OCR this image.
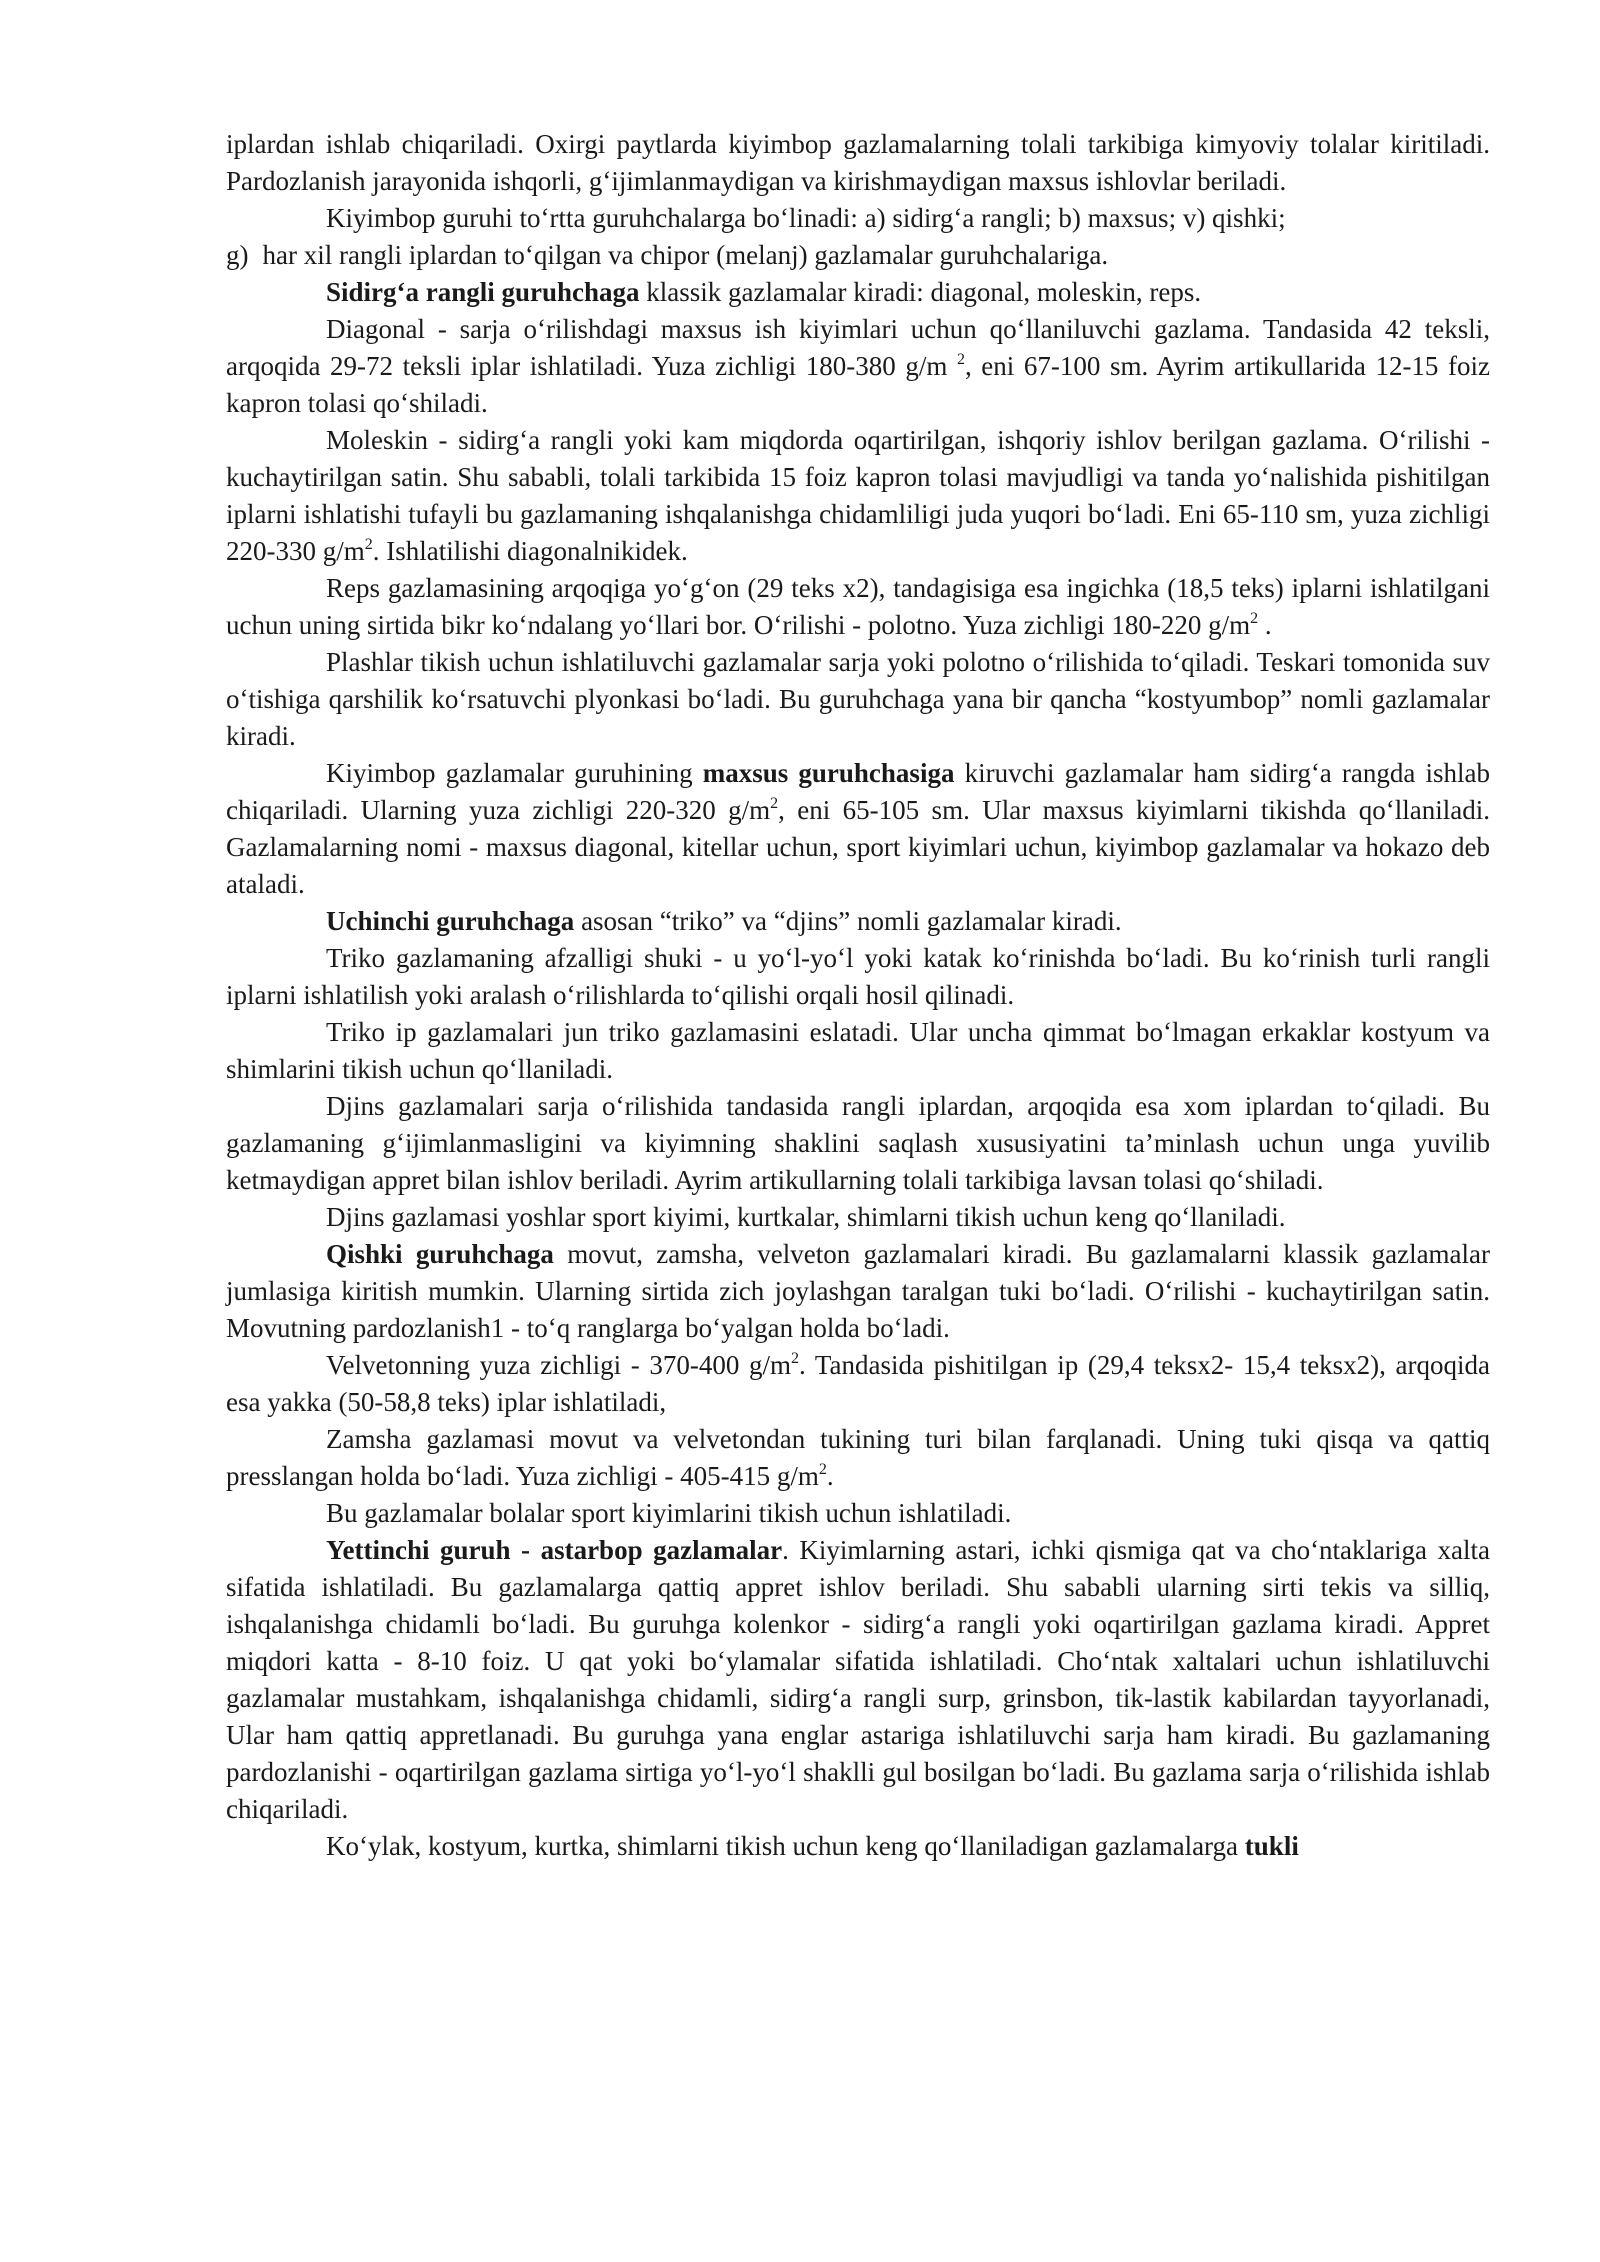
iplardan ishlab chiqariladi. Oxirgi paytlarda kiyimbop gazlamalarning tolali tarkibiga kimyoviy tolalar kiritiladi. Pardozlanish jarayonida ishqorli, g‘ijimlanmaydigan va kirishmaydigan maxsus ishlovlar beriladi.

Kiyimbop guruhi to‘rtta guruhchalarga bo‘linadi: a) sidirg‘a rangli; b) maxsus; v) qishki;

g) har xil rangli iplardan to‘qilgan va chipor (melanj) gazlamalar guruhchalariga.

Sidirg‘a rangli guruhchaga klassik gazlamalar kiradi: diagonal, moleskin, reps.

Diagonal - sarja o‘rilishdagi maxsus ish kiyimlari uchun qo‘llaniluvchi gazlama. Tandasida 42 teksli, arqoqida 29-72 teksli iplar ishlatiladi. Yuza zichligi 180-380 g/m $^2$, eni 67-100 sm. Ayrim artikullarida 12-15 foiz kapron tolasi qo‘shiladi.

Moleskin - sidirg‘a rangli yoki kam miqdorda oqartirilgan, ishqoriy ishlov berilgan gazlama. O‘rilishi - kuchaytirilgan satin. Shu sababli, tolali tarkibida 15 foiz kapron tolasi mavjudligi va tanda yo‘nalishida pishitilgan iplarni ishlatishi tufayli bu gazlamaning ishqalanishga chidamliligi juda yuqori bo‘ladi. Eni 65-110 sm, yuza zichligi 220-330 $g/m^2$. Ishlatilishi diagonalnikidek.

Reps gazlamasining arqoqiga yo‘g‘on (29 teks x2), tandagisiga esa ingichka (18,5 teks) iplarni ishlatilgani uchun uning sirtida bikr ko‘ndalang yo‘llari bor. O‘rilishi - polotno. Yuza zichligi 180-220 $g/m^2$ .

Plashlar tikish uchun ishlatiluvchi gazlamalar sarja yoki polotno o‘rilishida to‘qiladi. Teskari tomonida suv o‘tishiga qarshilik ko‘rsatuvchi plyonkasi bo‘ladi. Bu guruhchaga yana bir qancha “kostyumbop” nomli gazlamalar kiradi.

Kiyimbop gazlamalar guruhining maxsus guruhchasiga kiruvchi gazlamalar ham sidirg‘a rangda ishlab chiqariladi. Ularning yuza zichligi 220-320 $g/m^2$, eni 65-105 sm. Ular maxsus kiyimlarni tikishda qo‘llaniladi. Gazlamalarning nomi - maxsus diagonal, kitellar uchun, sport kiyimlari uchun, kiyimbop gazlamalar va hokazo deb ataladi.

Uchinchi guruhchaga asosan “triko” va “djins” nomli gazlamalar kiradi.

Triko gazlamaning afzalligi shuki - u yo‘l-yo‘l yoki katak ko‘rinishda bo‘ladi. Bu ko‘rinish turli rangli iplarni ishlatilish yoki aralash o‘rilishlarda to‘qilishi orqali hosil qilinadi.

Triko ip gazlamalari jun triko gazlamasini eslatadi. Ular uncha qimmat bo‘lmagan erkaklar kostyum va shimlarini tikish uchun qo‘llaniladi.

Djins gazlamalari sarja o‘rilishida tandasida rangli iplardan, arqoqida esa xom iplardan to‘qiladi. Bu gazlamaning g‘ijimlanmasligini va kiyimning shaklini saqlash xususiyatini ta’minlash uchun unga yuvilib ketmaydigan appret bilan ishlov beriladi. Ayrim artikullarning tolali tarkibiga lavsan tolasi qo‘shiladi.

Djins gazlamasi yoshlar sport kiyimi, kurtkalar, shimlarni tikish uchun keng qo‘llaniladi.

Qishki guruhchaga movut, zamsha, velveton gazlamalari kiradi. Bu gazlamalarni klassik gazlamalar jumlasiga kiritish mumkin. Ularning sirtida zich joylashgan taralgan tuki bo‘ladi. O‘rilishi - kuchaytirilgan satin. Movutning pardozlanish1 - to‘q ranglarga bo‘yalgan holda bo‘ladi.

Velvetonning yuza zichligi - 370-400 $g/m^2$. Tandasida pishitilgan ip (29,4 teksx2- 15,4 teksx2), arqoqida esa yakka (50-58,8 teks) iplar ishlatiladi,

Zamsha gazlamasi movut va velvetondan tukining turi bilan farqlanadi. Uning tuki qisqa va qattiq presslangan holda bo‘ladi. Yuza zichligi - 405-415 $g/m^2$.

Bu gazlamalar bolalar sport kiyimlarini tikish uchun ishlatiladi.

Yettinchi guruh - astarbop gazlamalar. Kiyimlarning astari, ichki qismiga qat va cho‘ntaklariga xalta sifatida ishlatiladi. Bu gazlamalarga qattiq appret ishlov beriladi. Shu sababli ularning sirti tekis va silliq, ishqalanishga chidamli bo‘ladi. Bu guruhga kolenkor - sidirg‘a rangli yoki oqartirilgan gazlama kiradi. Appret miqdori katta - 8-10 foiz. U qat yoki bo‘ylamalar sifatida ishlatiladi. Cho‘ntak xaltalari uchun ishlatiluvchi gazlamalar mustahkam, ishqalanishga chidamli, sidirg‘a rangli surp, grinsbon, tik-lastik kabilardan tayyorlanadi, Ular ham qattiq appretlanadi. Bu guruhga yana englar astariga ishlatiluvchi sarja ham kiradi. Bu gazlamaning pardozlanishi - oqartirilgan gazlama sirtiga yo‘l-yo‘l shaklli gul bosilgan bo‘ladi. Bu gazlama sarja o‘rilishida ishlab chiqariladi.

Ko‘ylak, kostyum, kurtka, shimlarni tikish uchun keng qo‘llaniladigan gazlamalarga tukli
